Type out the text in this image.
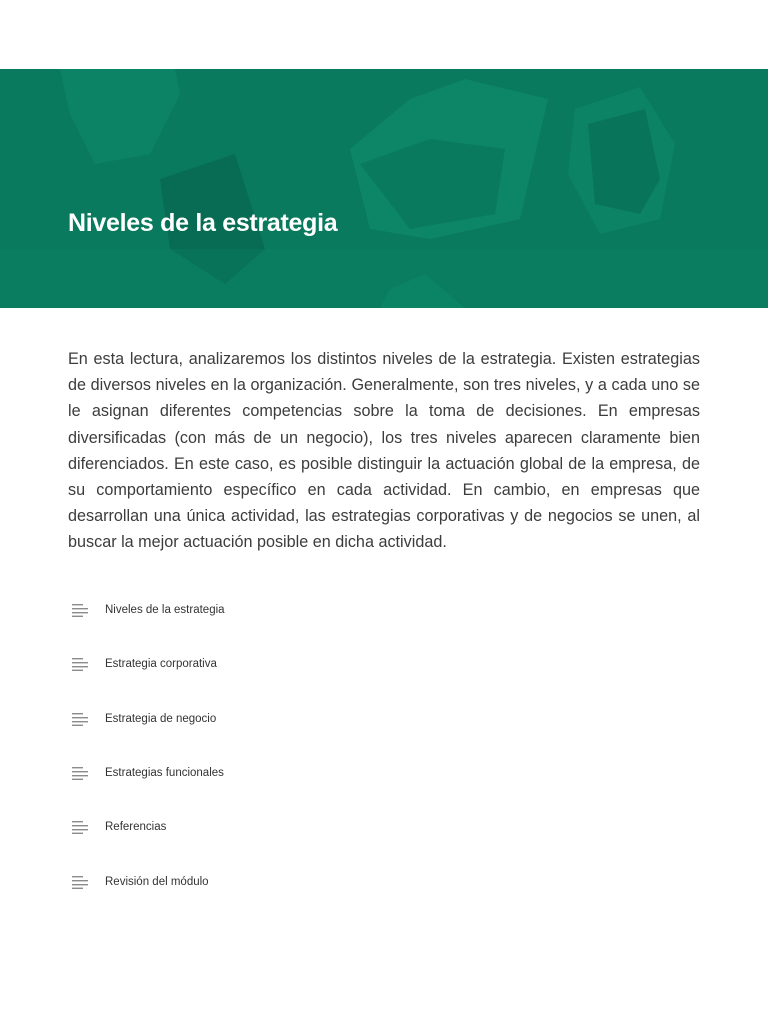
Niveles de la estrategia

En esta lectura, analizaremos los distintos niveles de la estrategia. Existen estrategias de diversos niveles en la organización. Generalmente, son tres niveles, y a cada uno se le asignan diferentes competencias sobre la toma de decisiones. En empresas diversificadas (con más de un negocio), los tres niveles aparecen claramente bien diferenciados. En este caso, es posible distinguir la actuación global de la empresa, de su comportamiento específico en cada actividad. En cambio, en empresas que desarrollan una única actividad, las estrategias corporativas y de negocios se unen, al buscar la mejor actuación posible en dicha actividad.

Niveles de la estrategia
Estrategia corporativa
Estrategia de negocio
Estrategias funcionales
Referencias
Revisión del módulo
